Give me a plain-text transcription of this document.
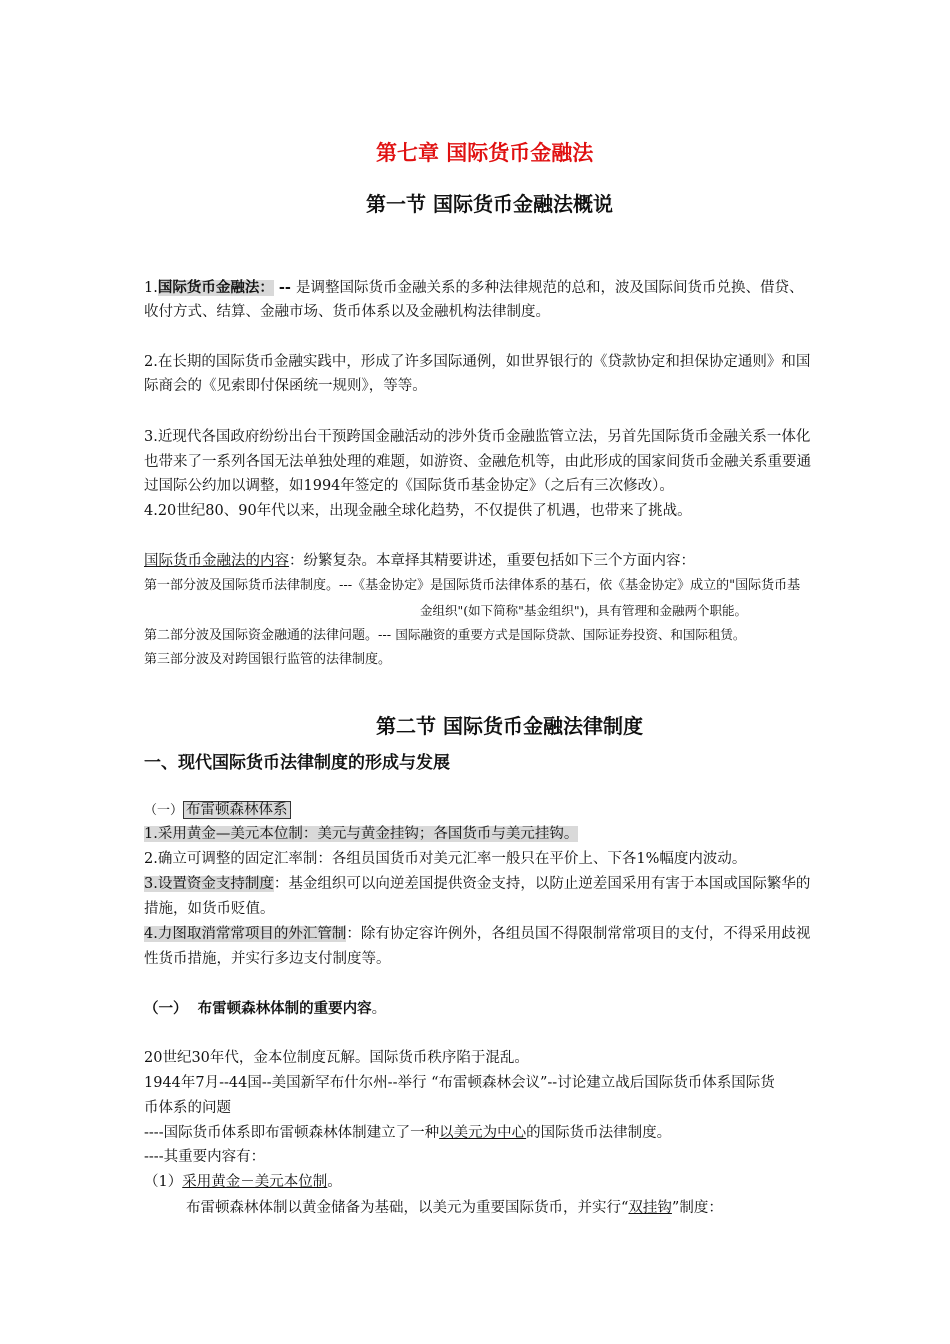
第七章 国际货币金融法
第一节 国际货币金融法概说
1.国际货币金融法： -- 是调整国际货币金融关系的多种法律规范的总和，波及国际间货币兑换、借贷、
收付方式、结算、金融市场、货币体系以及金融机构法律制度。
2.在长期的国际货币金融实践中，形成了许多国际通例，如世界银行的《贷款协定和担保协定通则》和国
际商会的《见索即付保函统一规则》，等等。
3.近现代各国政府纷纷出台干预跨国金融活动的涉外货币金融监管立法，另首先国际货币金融关系一体化
也带来了一系列各国无法单独处理的难题，如游资、金融危机等，由此形成的国家间货币金融关系重要通
过国际公约加以调整，如1994年签定的《国际货币基金协定》（之后有三次修改）。
4.20世纪80、90年代以来，出现金融全球化趋势，不仅提供了机遇，也带来了挑战。
国际货币金融法的内容：纷繁复杂。本章择其精要讲述，重要包括如下三个方面内容：
第一部分波及国际货币法律制度。---《基金协定》是国际货币法律体系的基石，依《基金协定》成立的"国际货币基
金组织"(如下简称"基金组织")，具有管理和金融两个职能。
第二部分波及国际资金融通的法律问题。--- 国际融资的重要方式是国际贷款、国际证券投资、和国际租赁。
第三部分波及对跨国银行监管的法律制度。
第二节 国际货币金融法律制度
一、现代国际货币法律制度的形成与发展
（一） 布雷顿森林体系
1.采用黄金—美元本位制：美元与黄金挂钩；各国货币与美元挂钩。
2.确立可调整的固定汇率制：各组员国货币对美元汇率一般只在平价上、下各1%幅度内波动。
3.设置资金支持制度：基金组织可以向逆差国提供资金支持，以防止逆差国采用有害于本国或国际繁华的
措施，如货币贬值。
4.力图取消常常项目的外汇管制：除有协定容许例外，各组员国不得限制常常项目的支付，不得采用歧视
性货币措施，并实行多边支付制度等。
（一） 布雷顿森林体制的重要内容。
20世纪30年代，金本位制度瓦解。国际货币秩序陷于混乱。
1944年7月--44国--美国新罕布什尔州--举行 “布雷顿森林会议”--讨论建立战后国际货币体系国际货
币体系的问题
----国际货币体系即布雷顿森林体制建立了一种以美元为中心的国际货币法律制度。
----其重要内容有：
（1）采用黄金－美元本位制。
布雷顿森林体制以黄金储备为基础，以美元为重要国际货币，并实行“双挂钩”制度：
